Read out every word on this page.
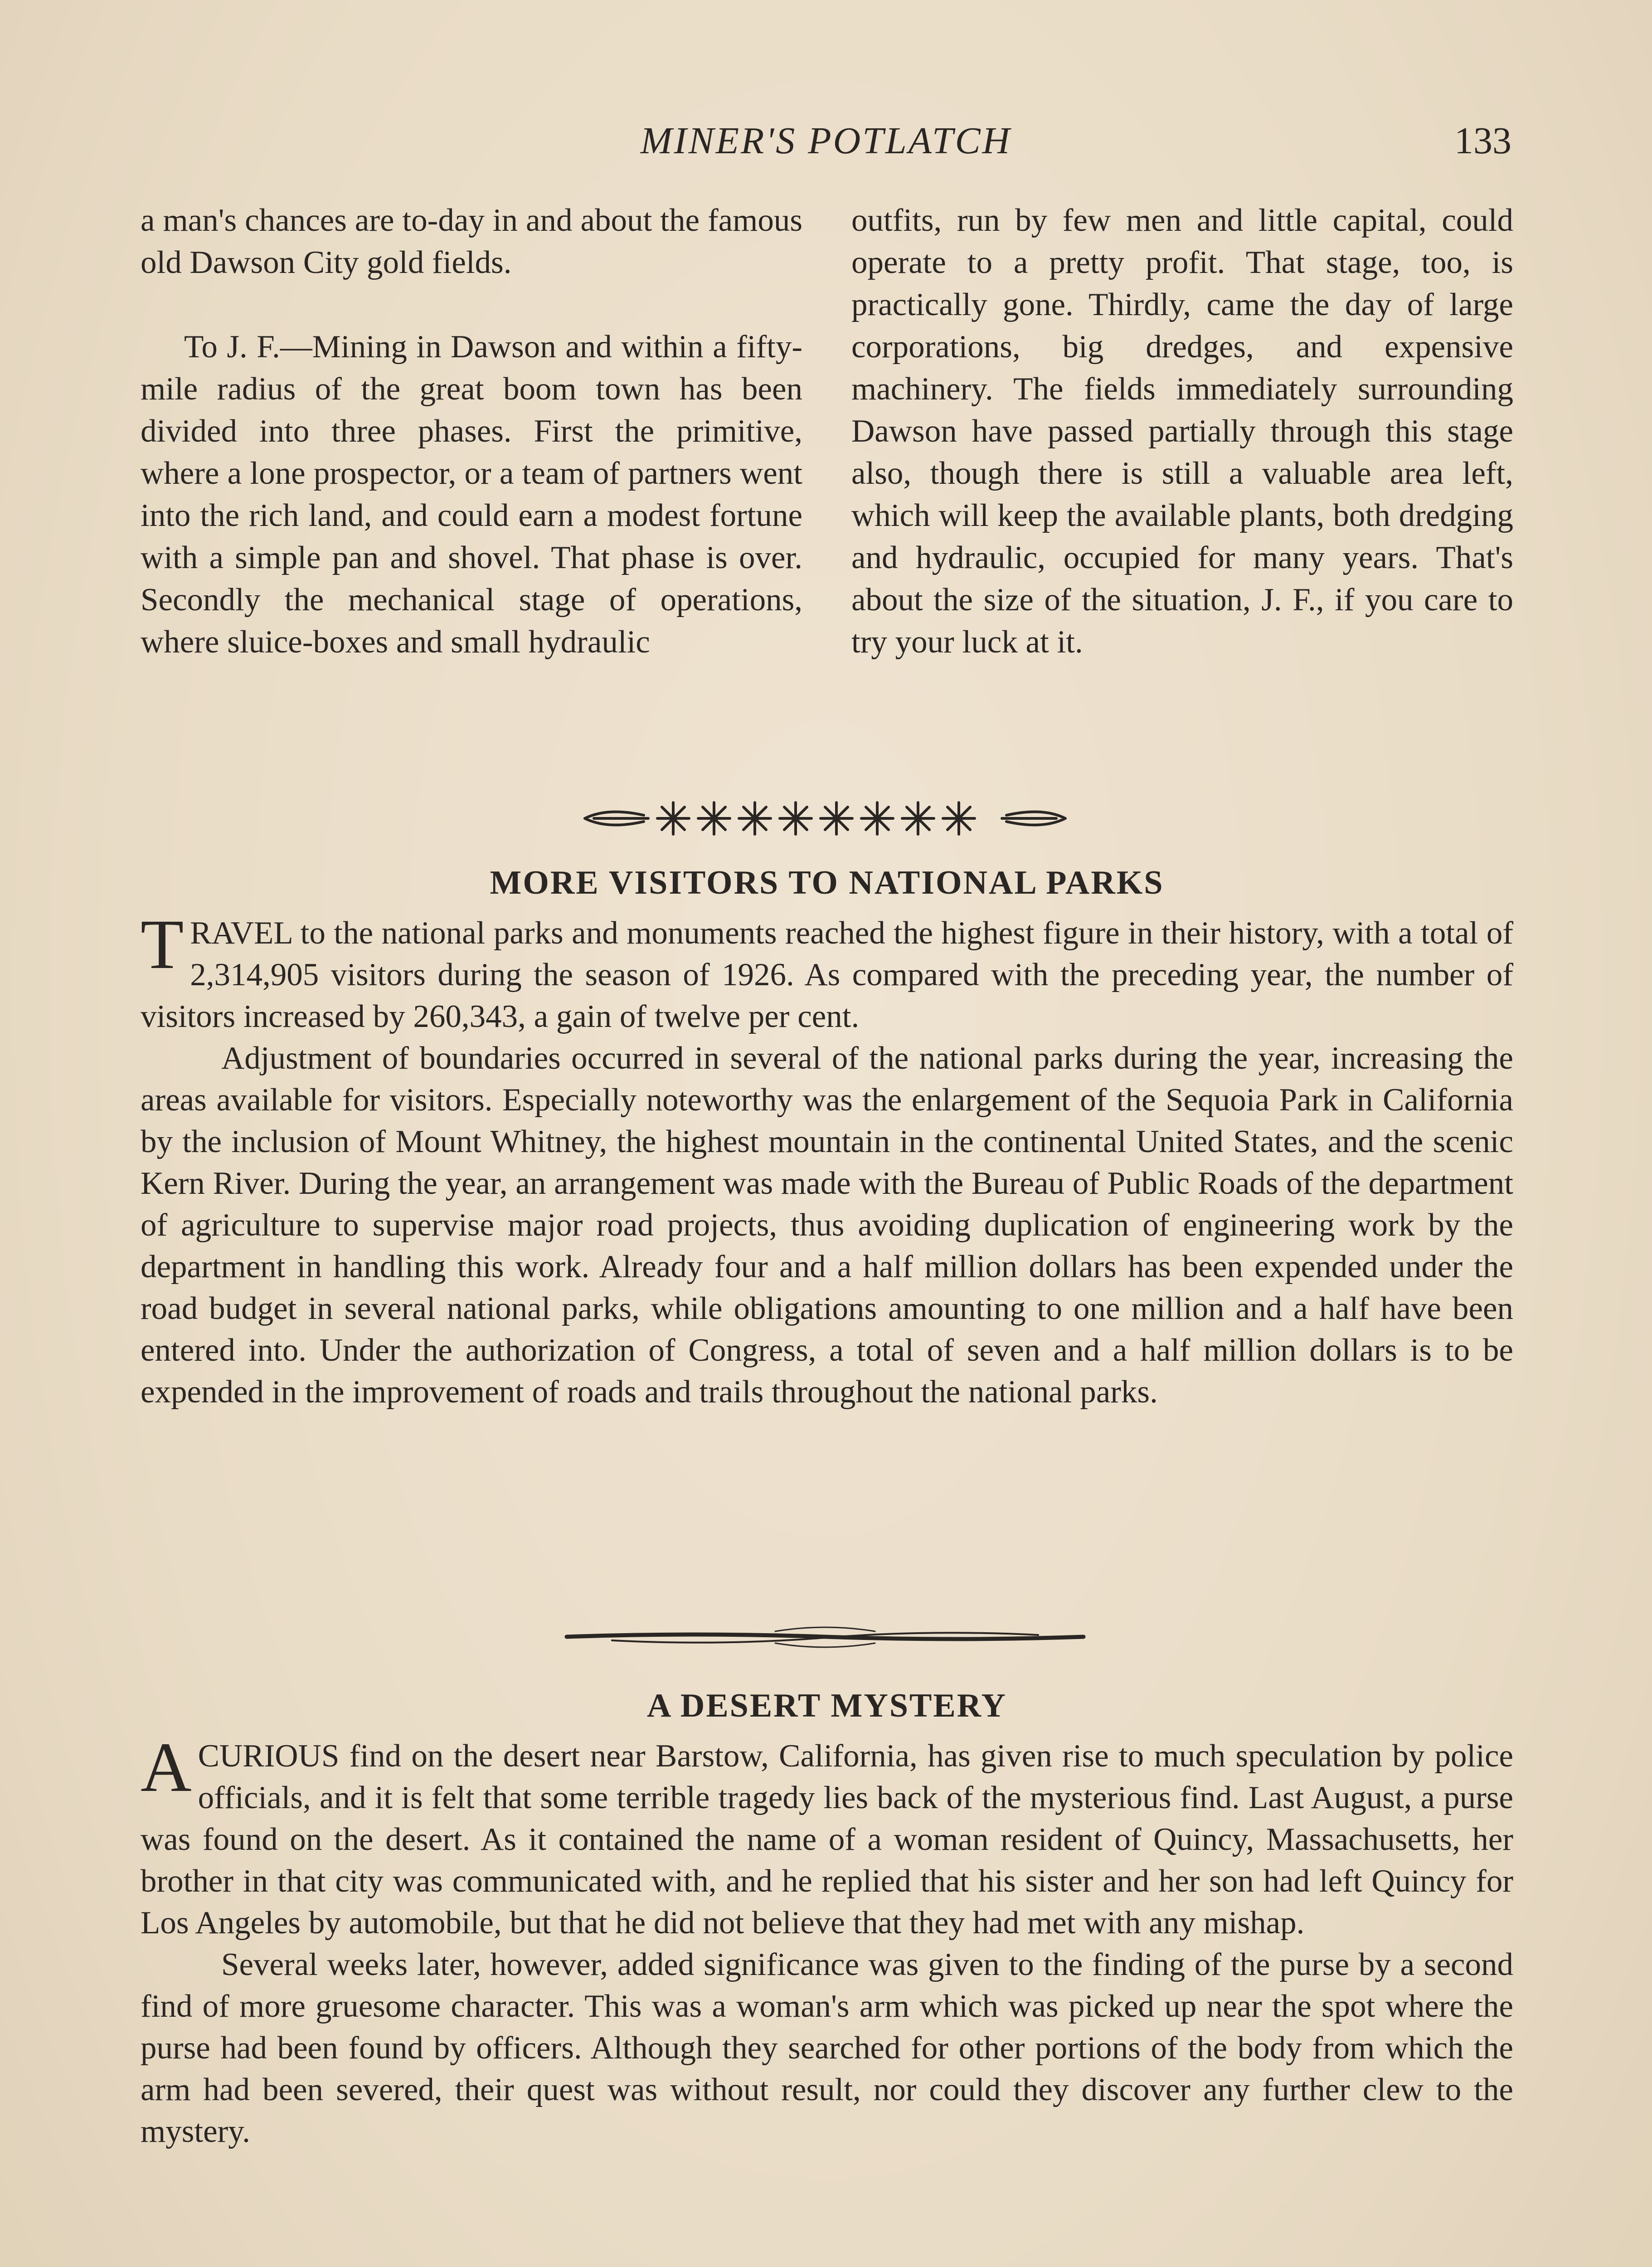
MINER'S POTLATCH	133

a man's chances are to-day in and about the famous old Dawson City gold fields.

To J. F.—Mining in Dawson and within a fifty-mile radius of the great boom town has been divided into three phases. First the primitive, where a lone prospector, or a team of partners went into the rich land, and could earn a modest fortune with a simple pan and shovel. That phase is over. Secondly the mechanical stage of operations, where sluice-boxes and small hydraulic

outfits, run by few men and little capital, could operate to a pretty profit. That stage, too, is practically gone. Thirdly, came the day of large corporations, big dredges, and expensive machinery. The fields immediately surrounding Dawson have passed partially through this stage also, though there is still a valuable area left, which will keep the available plants, both dredging and hydraulic, occupied for many years. That's about the size of the situation, J. F., if you care to try your luck at it.

MORE VISITORS TO NATIONAL PARKS

TRAVEL to the national parks and monuments reached the highest figure in their history, with a total of 2,314,905 visitors during the season of 1926. As compared with the preceding year, the number of visitors increased by 260,343, a gain of twelve per cent.

Adjustment of boundaries occurred in several of the national parks during the year, increasing the areas available for visitors. Especially noteworthy was the enlargement of the Sequoia Park in California by the inclusion of Mount Whitney, the highest mountain in the continental United States, and the scenic Kern River. During the year, an arrangement was made with the Bureau of Public Roads of the department of agriculture to supervise major road projects, thus avoiding duplication of engineering work by the department in handling this work. Already four and a half million dollars has been expended under the road budget in several national parks, while obligations amounting to one million and a half have been entered into. Under the authorization of Congress, a total of seven and a half million dollars is to be expended in the improvement of roads and trails throughout the national parks.

A DESERT MYSTERY

ACURIOUS find on the desert near Barstow, California, has given rise to much speculation by police officials, and it is felt that some terrible tragedy lies back of the mysterious find. Last August, a purse was found on the desert. As it contained the name of a woman resident of Quincy, Massachusetts, her brother in that city was communicated with, and he replied that his sister and her son had left Quincy for Los Angeles by automobile, but that he did not believe that they had met with any mishap.

Several weeks later, however, added significance was given to the finding of the purse by a second find of more gruesome character. This was a woman's arm which was picked up near the spot where the purse had been found by officers. Although they searched for other portions of the body from which the arm had been severed, their quest was without result, nor could they discover any further clew to the mystery.
